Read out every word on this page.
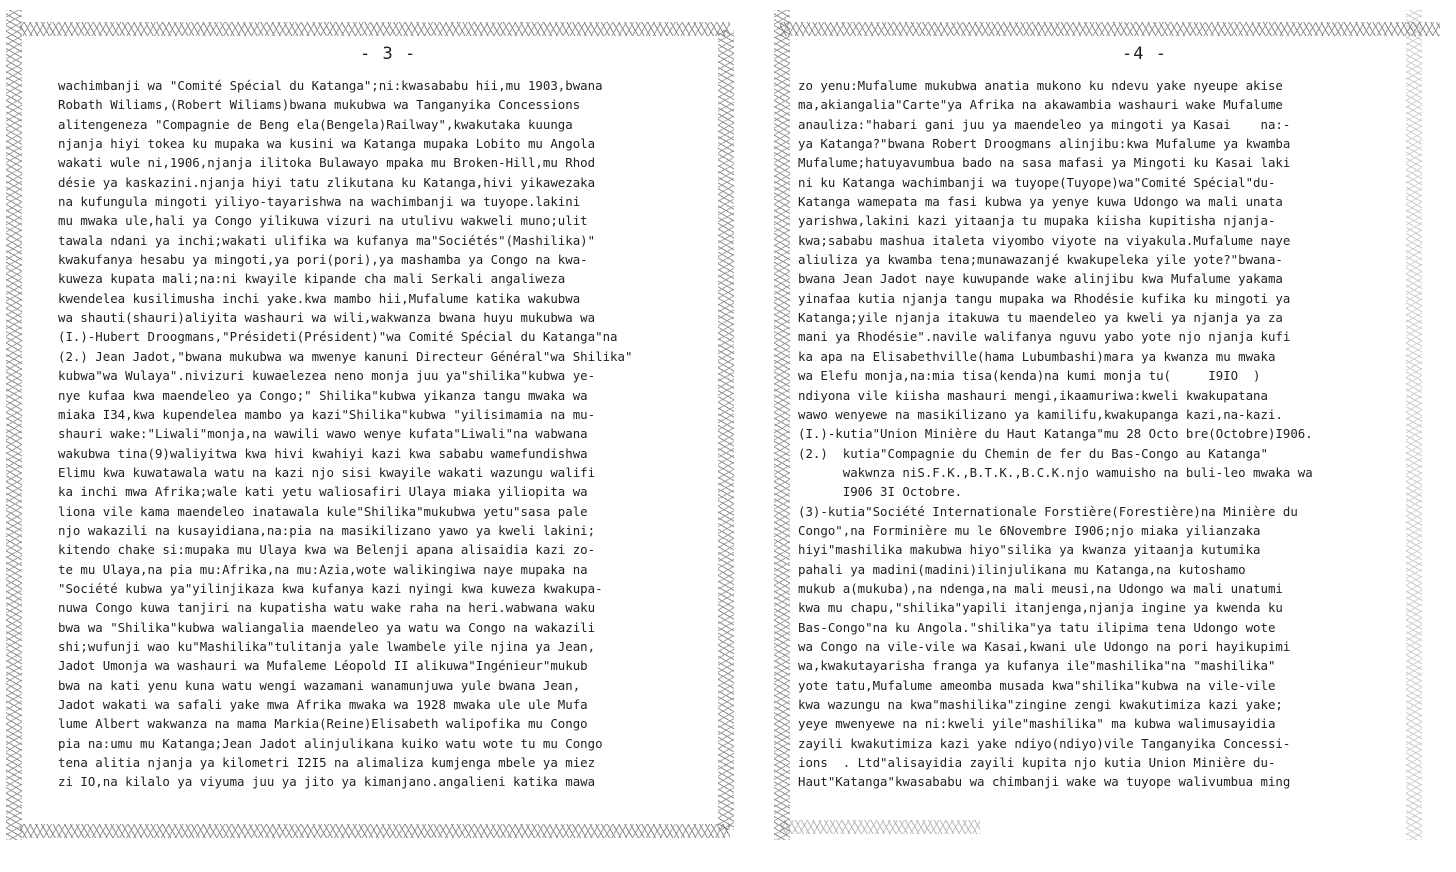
- 3 -
wachimbanji wa "Comité Spécial du Katanga";ni:kwasababu hii,mu 1903,bwana
Robath Wiliams,(Robert Wiliams)bwana mukubwa wa Tanganyika Concessions
alitengeneza "Compagnie de Beng ela(Bengela)Railway",kwakutaka kuunga
njanja hiyi tokea ku mupaka wa kusini wa Katanga mupaka Lobito mu Angola
wakati wule ni,1906,njanja ilitoka Bulawayo mpaka mu Broken-Hill,mu Rhod
désie ya kaskazini.njanja hiyi tatu zlikutana ku Katanga,hivi yikawezaka
na kufungula mingoti yiliyo-tayarishwa na wachimbanji wa tuyope.lakini
mu mwaka ule,hali ya Congo yilikuwa vizuri na utulivu wakweli muno;ulit
tawala ndani ya inchi;wakati ulifika wa kufanya ma"Sociétés"(Mashilika)"
kwakufanya hesabu ya mingoti,ya pori(pori),ya mashamba ya Congo na kwa-
kuweza kupata mali;na:ni kwayile kipande cha mali Serkali angaliweza
kwendelea kusilimusha inchi yake.kwa mambo hii,Mufalume katika wakubwa
wa shauti(shauri)aliyita washauri wa wili,wakwanza bwana huyu mukubwa wa
(I.)-Hubert Droogmans,"Présideti(Président)"wa Comité Spécial du Katanga"na
(2.) Jean Jadot,"bwana mukubwa wa mwenye kanuni Directeur Général"wa Shilika"
kubwa"wa Wulaya".nivizuri kuwaelezea neno monja juu ya"shilika"kubwa ye-
nye kufaa kwa maendeleo ya Congo;" Shilika"kubwa yikanza tangu mwaka wa
miaka I34,kwa kupendelea mambo ya kazi"Shilika"kubwa "yilisimamia na mu-
shauri wake:"Liwali"monja,na wawili wawo wenye kufata"Liwali"na wabwana
wakubwa tina(9)waliyitwa kwa hivi kwahiyi kazi kwa sababu wamefundishwa
Elimu kwa kuwatawala watu na kazi njo sisi kwayile wakati wazungu walifi
ka inchi mwa Afrika;wale kati yetu waliosafiri Ulaya miaka yiliopita wa
liona vile kama maendeleo inatawala kule"Shilika"mukubwa yetu"sasa pale
njo wakazili na kusayidiana,na:pia na masikilizano yawo ya kweli lakini;
kitendo chake si:mupaka mu Ulaya kwa wa Belenji apana alisaidia kazi zo-
te mu Ulaya,na pia mu:Afrika,na mu:Azia,wote walikingiwa naye mupaka na
"Société kubwa ya"yilinjikaza kwa kufanya kazi nyingi kwa kuweza kwakupa-
nuwa Congo kuwa tanjiri na kupatisha watu wake raha na heri.wabwana waku
bwa wa "Shilika"kubwa waliangalia maendeleo ya watu wa Congo na wakazili
shi;wufunji wao ku"Mashilika"tulitanja yale lwambele yile njina ya Jean,
Jadot Umonja wa washauri wa Mufaleme Léopold II alikuwa"Ingénieur"mukub
bwa na kati yenu kuna watu wengi wazamani wanamunjuwa yule bwana Jean,
Jadot wakati wa safali yake mwa Afrika mwaka wa 1928 mwaka ule ule Mufa
lume Albert wakwanza na mama Markia(Reine)Elisabeth walipofika mu Congo
pia na:umu mu Katanga;Jean Jadot alinjulikana kuiko watu wote tu mu Congo
tena alitia njanja ya kilometri I2I5 na alimaliza kumjenga mbele ya miez
zi IO,na kilalo ya viyuma juu ya jito ya kimanjano.angalieni katika mawa
-4 -
zo yenu:Mufalume mukubwa anatia mukono ku ndevu yake nyeupe akise
ma,akiangalia"Carte"ya Afrika na akawambia washauri wake Mufalume
anauliza:"habari gani juu ya maendeleo ya mingoti ya Kasai    na:-
ya Katanga?"bwana Robert Droogmans alinjibu:kwa Mufalume ya kwamba
Mufalume;hatuyavumbua bado na sasa mafasi ya Mingoti ku Kasai laki
ni ku Katanga wachimbanji wa tuyope(Tuyope)wa"Comité Spécial"du-
Katanga wamepata ma fasi kubwa ya yenye kuwa Udongo wa mali unata
yarishwa,lakini kazi yitaanja tu mupaka kiisha kupitisha njanja-
kwa;sababu mashua italeta viyombo viyote na viyakula.Mufalume naye
aliuliza ya kwamba tena;munawazanjé kwakupeleka yile yote?"bwana-
bwana Jean Jadot naye kuwupande wake alinjibu kwa Mufalume yakama
yinafaa kutia njanja tangu mupaka wa Rhodésie kufika ku mingoti ya
Katanga;yile njanja itakuwa tu maendeleo ya kweli ya njanja ya za
mani ya Rhodésie".navile walifanya nguvu yabo yote njo njanja kufi
ka apa na Elisabethville(hama Lubumbashi)mara ya kwanza mu mwaka
wa Elefu monja,na:mia tisa(kenda)na kumi monja tu(     I9IO  )
ndiyona vile kiisha mashauri mengi,ikaamuriwa:kweli kwakupatana
wawo wenyewe na masikilizano ya kamilifu,kwakupanga kazi,na-kazi.
(I.)-kutia"Union Minière du Haut Katanga"mu 28 Octo bre(Octobre)I906.
(2.)  kutia"Compagnie du Chemin de fer du Bas-Congo au Katanga"
wakwnza niS.F.K.,B.T.K.,B.C.K.njo wamuisho na buli-leo mwaka wa
I906 3I Octobre.
(3)-kutia"Société Internationale Forstière(Forestière)na Minière du
Congo",na Forminière mu le 6Novembre I906;njo miaka yilianzaka
hiyi"mashilika makubwa hiyo"silika ya kwanza yitaanja kutumika
pahali ya madini(madini)ilinjulikana mu Katanga,na kutoshamo
mukub a(mukuba),na ndenga,na mali meusi,na Udongo wa mali unatumi
kwa mu chapu,"shilika"yapili itanjenga,njanja ingine ya kwenda ku
Bas-Congo"na ku Angola."shilika"ya tatu ilipima tena Udongo wote
wa Congo na vile-vile wa Kasai,kwani ule Udongo na pori hayikupimi
wa,kwakutayarisha franga ya kufanya ile"mashilika"na "mashilika"
yote tatu,Mufalume ameomba musada kwa"shilika"kubwa na vile-vile
kwa wazungu na kwa"mashilika"zingine zengi kwakutimiza kazi yake;
yeye mwenyewe na ni:kweli yile"mashilika" ma kubwa walimusayidia
zayili kwakutimiza kazi yake ndiyo(ndiyo)vile Tanganyika Concessi-
ions  . Ltd"alisayidia zayili kupita njo kutia Union Minière du-
Haut"Katanga"kwasababu wa chimbanji wake wa tuyope walivumbua ming
